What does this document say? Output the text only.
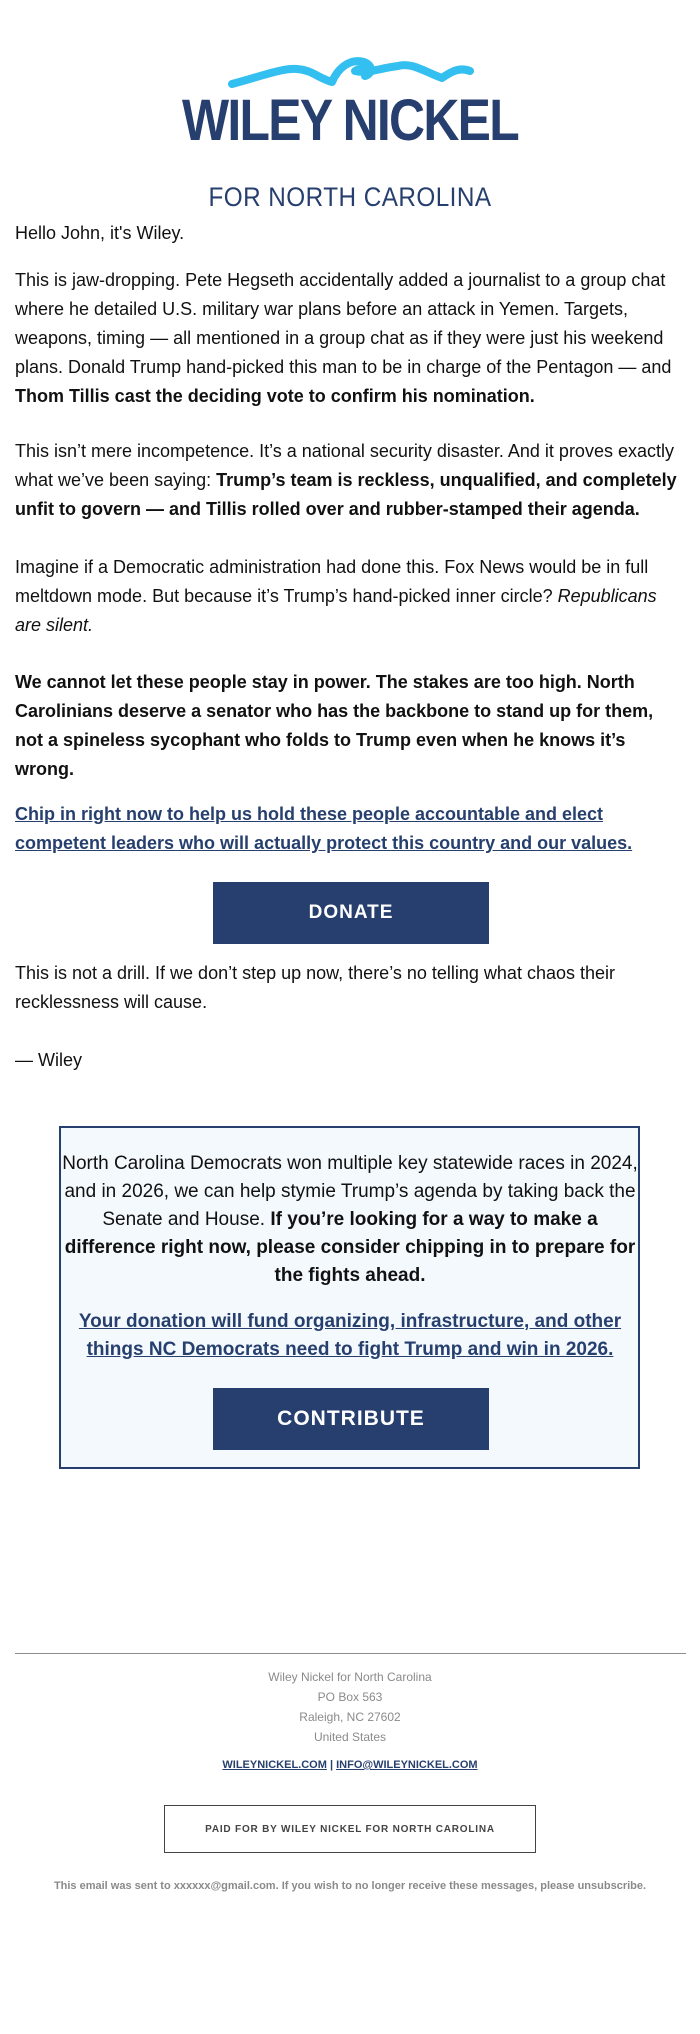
WILEY NICKEL
FOR NORTH CAROLINA
Hello John, it's Wiley.

This is jaw-dropping. Pete Hegseth accidentally added a journalist to a group chat where he detailed U.S. military war plans before an attack in Yemen. Targets, weapons, timing — all mentioned in a group chat as if they were just his weekend plans. Donald Trump hand-picked this man to be in charge of the Pentagon — and Thom Tillis cast the deciding vote to confirm his nomination.

This isn’t mere incompetence. It’s a national security disaster. And it proves exactly what we’ve been saying: Trump’s team is reckless, unqualified, and completely unfit to govern — and Tillis rolled over and rubber-stamped their agenda.

Imagine if a Democratic administration had done this. Fox News would be in full meltdown mode. But because it’s Trump’s hand-picked inner circle? Republicans are silent.

We cannot let these people stay in power. The stakes are too high. North Carolinians deserve a senator who has the backbone to stand up for them, not a spineless sycophant who folds to Trump even when he knows it’s wrong.
Chip in right now to help us hold these people accountable and elect competent leaders who will actually protect this country and our values.
DONATE
This is not a drill. If we don’t step up now, there’s no telling what chaos their recklessness will cause.
— Wiley

North Carolina Democrats won multiple key statewide races in 2024, and in 2026, we can help stymie Trump’s agenda by taking back the Senate and House. If you’re looking for a way to make a difference right now, please consider chipping in to prepare for the fights ahead.

Your donation will fund organizing, infrastructure, and other things NC Democrats need to fight Trump and win in 2026.
CONTRIBUTE
Wiley Nickel for North Carolina
PO Box 563
Raleigh, NC 27602
United States
WILEYNICKEL.COM | INFO@WILEYNICKEL.COM
PAID FOR BY WILEY NICKEL FOR NORTH CAROLINA
This email was sent to xxxxxx@gmail.com. If you wish to no longer receive these messages, please unsubscribe.
